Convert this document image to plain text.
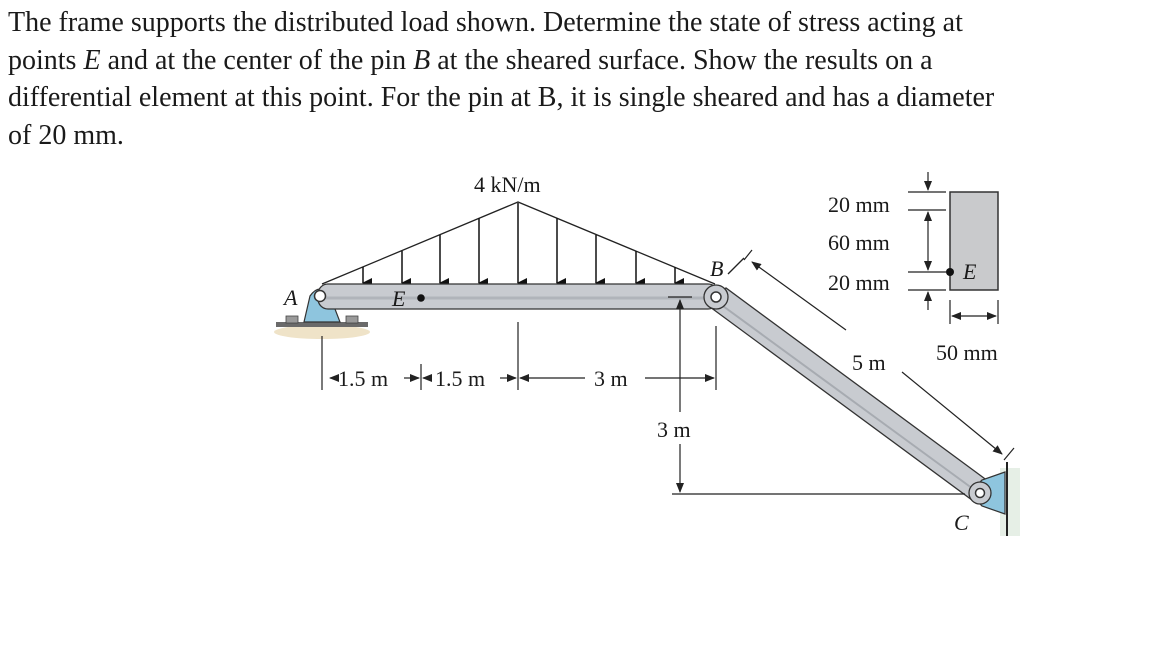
The frame supports the distributed load shown. Determine the state of stress acting at points E and at the center of the pin B at the sheared surface. Show the results on a differential element at this point. For the pin at B, it is single sheared and has a diameter of 20 mm.

4 kN/m
A	E
B
C
1.5 m 1.5 m	3 m
3 m
5 m
E
20 mm
60 mm
20 mm
50 mm
